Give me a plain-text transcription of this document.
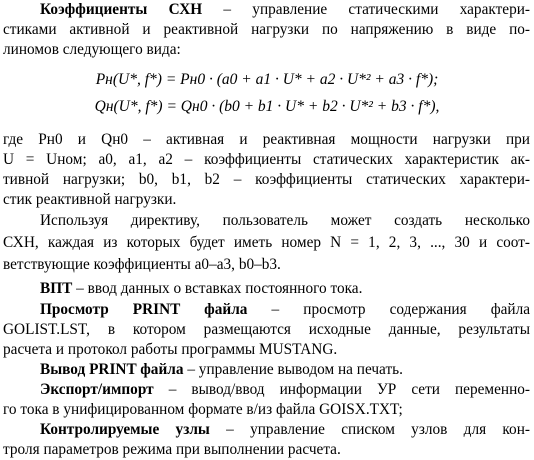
Коэффициенты СХН – управление статическими характери-
стиками активной и реактивной нагрузки по напряжению в виде по-
линомов следующего вида:
Pн(U*, f*) = Pн0 · (a0 + a1 · U* + a2 · U*² + a3 · f*);
Qн(U*, f*) = Qн0 · (b0 + b1 · U* + b2 · U*² + b3 · f*),
где Pн0 и Qн0 – активная и реактивная мощности нагрузки при
U = Uном; a0, a1, a2 – коэффициенты статических характеристик ак-
тивной нагрузки; b0, b1, b2 – коэффициенты статических характери-
стик реактивной нагрузки.
Используя директиву, пользователь может создать несколько
СХН, каждая из которых будет иметь номер N = 1, 2, 3, ..., 30 и соот-
ветствующие коэффициенты a0–a3, b0–b3.
ВПТ – ввод данных о вставках постоянного тока.
Просмотр PRINT файла – просмотр содержания файла
GOLIST.LST, в котором размещаются исходные данные, результаты
расчета и протокол работы программы MUSTANG.
Вывод PRINT файла – управление выводом на печать.
Экспорт/импорт – вывод/ввод информации УР сети переменно-
го тока в унифицированном формате в/из файла GOISX.TXT;
Контролируемые узлы – управление списком узлов для кон-
троля параметров режима при выполнении расчета.
